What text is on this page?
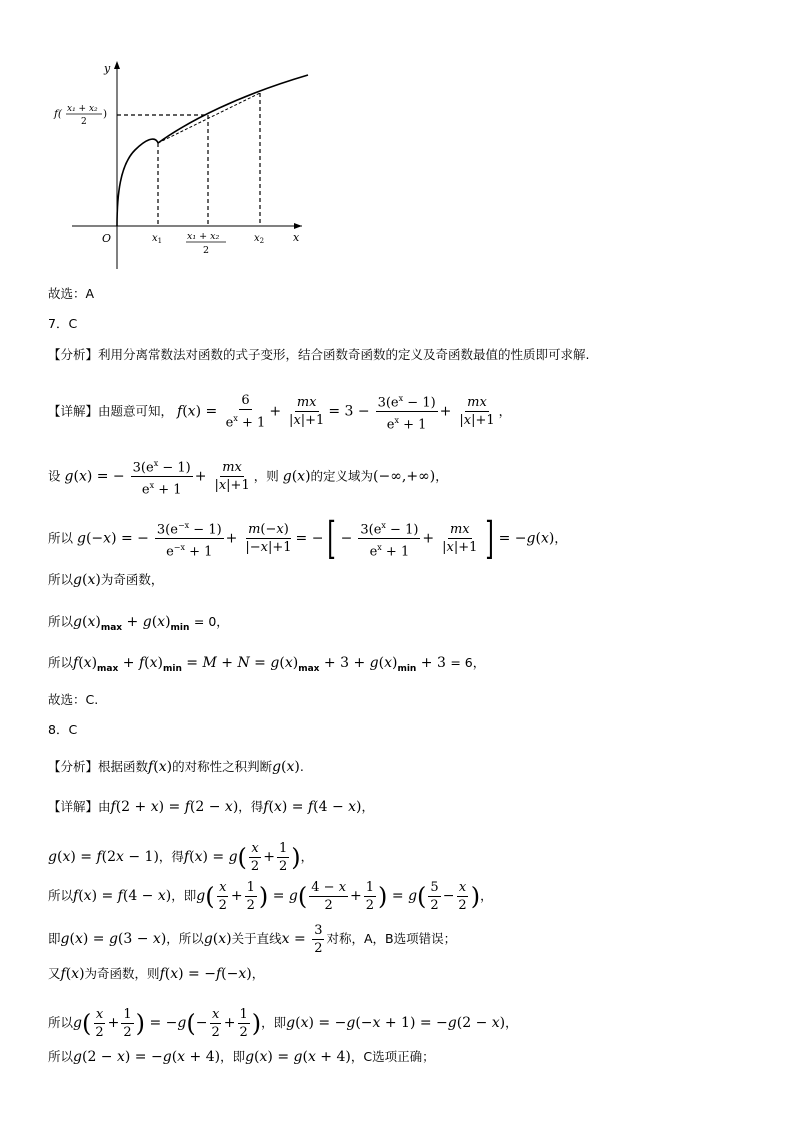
y
x
O	$x_1$	$x_2$
x₁ + x₂
2
f( x₁ + x₂
2
)
故选：A
7．C
【分析】利用分离常数法对函数的式子变形，结合函数奇函数的定义及奇函数最值的性质即可求解.
【详解】由题意可知， $f(x) = \frac{6}{e^x + 1} + \frac{mx}{|x|+1} = 3 - \frac{3(e^x - 1)}{e^x + 1} + \frac{mx}{|x|+1}$ ，
设 g(x) = − $\frac{3(e^x - 1)}{e^x + 1} + \frac{mx}{|x|+1}$ ，则 g(x)的定义域为(−∞,+∞)，
所以 g(−x) = − $\frac{3(e^{-x} - 1)}{e^{-x} + 1} + \frac{m(-x)}{|-x|+1}$ = −[ − $\frac{3(e^x - 1)}{e^x + 1} + \frac{mx}{|x|+1}$ ] = −g(x)，
所以g(x)为奇函数，
所以$g(x)_{max} + g(x)_{min} = 0$，
所以$f(x)_{max} + f(x)_{min} = M + N = g(x)_{max} + 3 + g(x)_{min} + 3 = 6$，
故选：C.
8．C
【分析】根据函数f(x)的对称性之积判断g(x).
【详解】由f(2 + x) = f(2 − x)，得f(x) = f(4 − x)，
g(x) = f(2x − 1)，得$f(x) = g( \frac{x}{2} + \frac{1}{2}$ )，
所以f(x) = f(4 − x)，即$g( \frac{x}{2} + \frac{1}{2}$ ) = $g( \frac{4 - x}{2} + \frac{1}{2}$ ) = $g( \frac{5}{2} - \frac{x}{2}$ )，
即g(x) = g(3 − x)，所以g(x)关于直线$x = \frac{3}{2}$ 对称，A，B选项错误；
又f(x)为奇函数，则f(x) = −f(−x)，
所以$g( \frac{x}{2} + \frac{1}{2}$ ) = $-g(- \frac{x}{2} + \frac{1}{2}$ )，即g(x) = −g(−x + 1) = −g(2 − x)，
所以g(2 − x) = −g(x + 4)，即g(x) = g(x + 4)，C选项正确；
